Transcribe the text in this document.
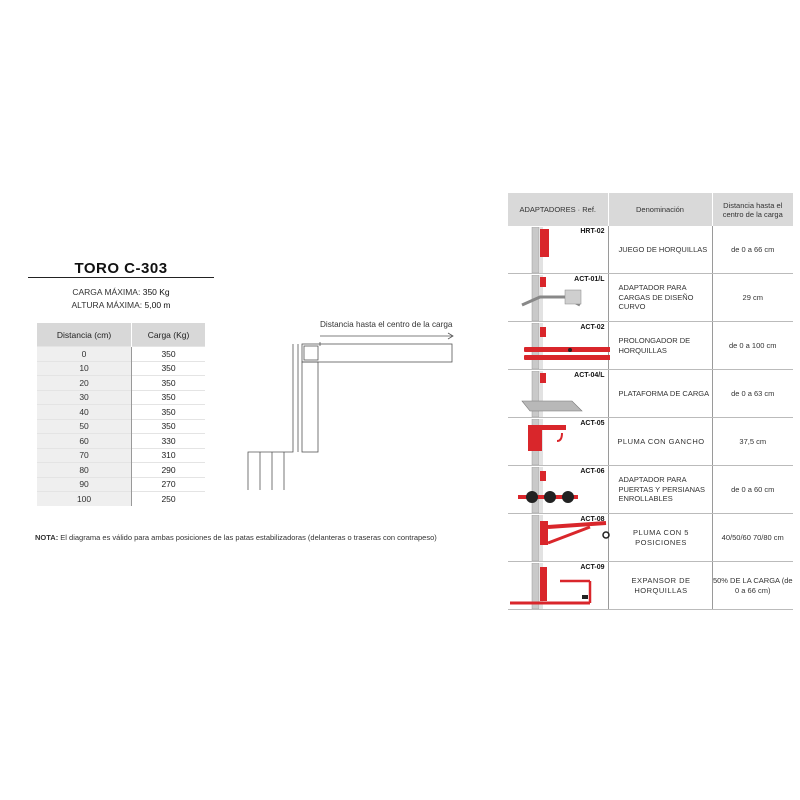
TORO C-303
CARGA MÁXIMA: 350 Kg
ALTURA MÁXIMA: 5,00 m
Distancia (cm)	Carga (Kg)
0	350
10	350
20	350
30	350
40	350
50	350
60	330
70	310
80	290
90	270
100	250
Distancia hasta el centro de la carga
NOTA: El diagrama es válido para ambas posiciones de las patas estabilizadoras (delanteras o traseras con contrapeso)
ADAPTADORES · Ref.	Denominación	Distancia hasta el centro de la carga

HRT-02	JUEGO DE HORQUILLAS	de 0 a 66 cm

ACT-01/L	ADAPTADOR PARA CARGAS DE DISEÑO CURVO	29 cm

ACT-02	PROLONGADOR DE HORQUILLAS	de 0 a 100 cm

ACT-04/L	PLATAFORMA DE CARGA	de 0 a 63 cm

ACT-05	PLUMA CON GANCHO	37,5 cm

ACT-06	ADAPTADOR PARA PUERTAS Y PERSIANAS ENROLLABLES	de 0 a 60 cm

ACT-08	PLUMA CON 5 POSICIONES	40/50/60 70/80 cm

ACT-09	EXPANSOR DE HORQUILLAS	50% DE LA CARGA (de 0 a 66 cm)
